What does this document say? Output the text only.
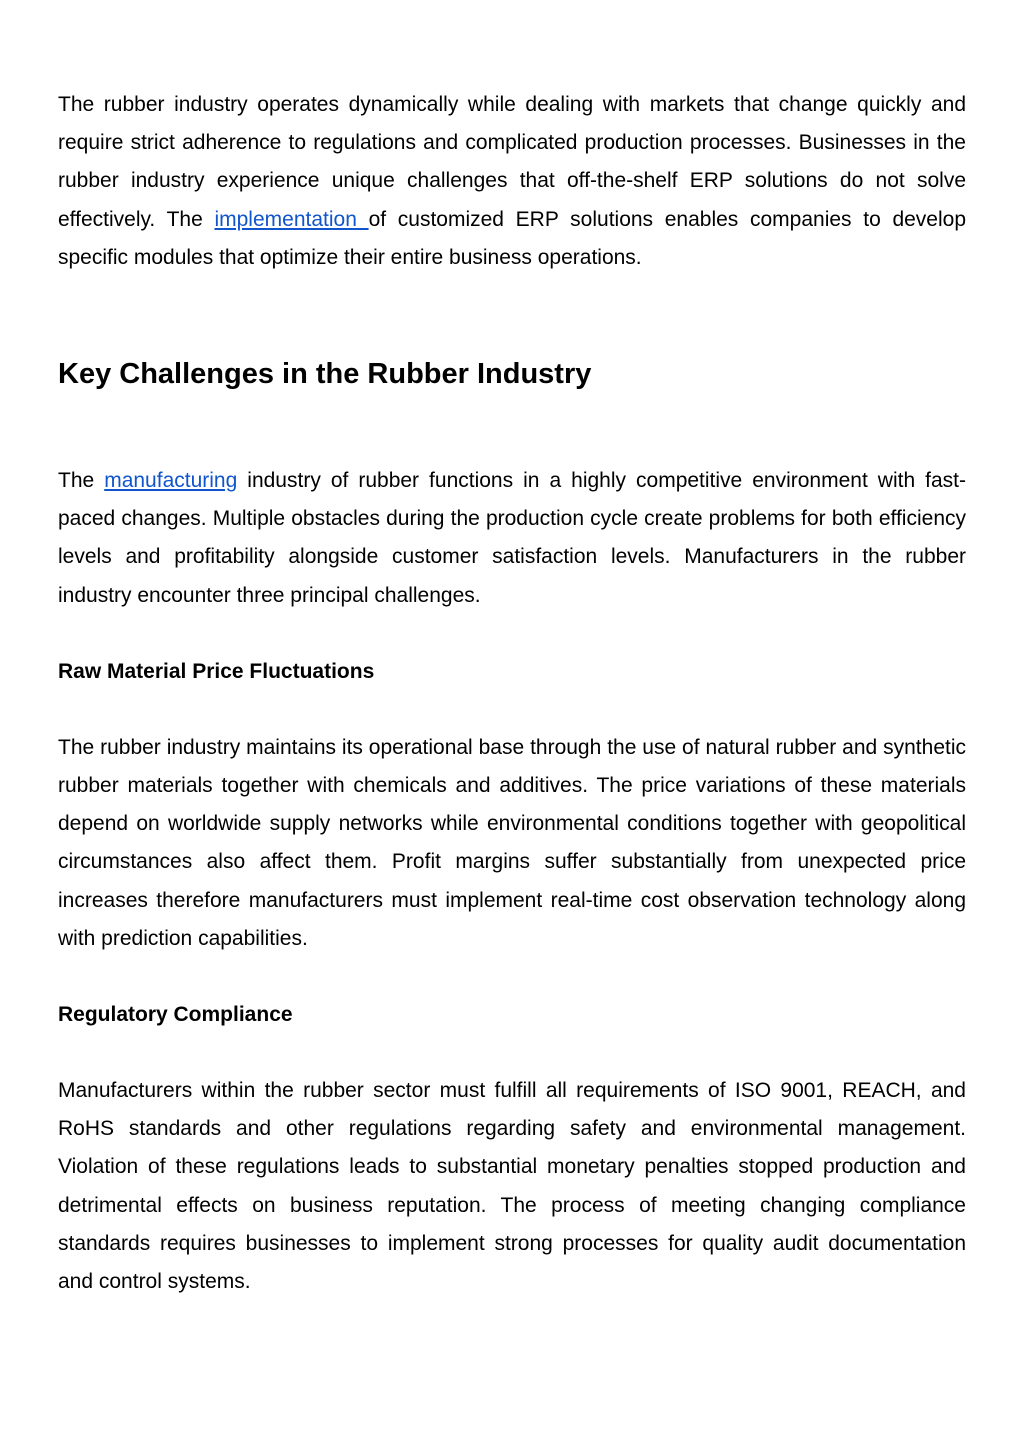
The rubber industry operates dynamically while dealing with markets that change quickly and require strict adherence to regulations and complicated production processes. Businesses in the rubber industry experience unique challenges that off-the-shelf ERP solutions do not solve effectively. The implementation of customized ERP solutions enables companies to develop specific modules that optimize their entire business operations.

Key Challenges in the Rubber Industry

The manufacturing industry of rubber functions in a highly competitive environment with fast-paced changes. Multiple obstacles during the production cycle create problems for both efficiency levels and profitability alongside customer satisfaction levels. Manufacturers in the rubber industry encounter three principal challenges.

Raw Material Price Fluctuations

The rubber industry maintains its operational base through the use of natural rubber and synthetic rubber materials together with chemicals and additives. The price variations of these materials depend on worldwide supply networks while environmental conditions together with geopolitical circumstances also affect them. Profit margins suffer substantially from unexpected price increases therefore manufacturers must implement real-time cost observation technology along with prediction capabilities.

Regulatory Compliance

Manufacturers within the rubber sector must fulfill all requirements of ISO 9001, REACH, and RoHS standards and other regulations regarding safety and environmental management. Violation of these regulations leads to substantial monetary penalties stopped production and detrimental effects on business reputation. The process of meeting changing compliance standards requires businesses to implement strong processes for quality audit documentation and control systems.
